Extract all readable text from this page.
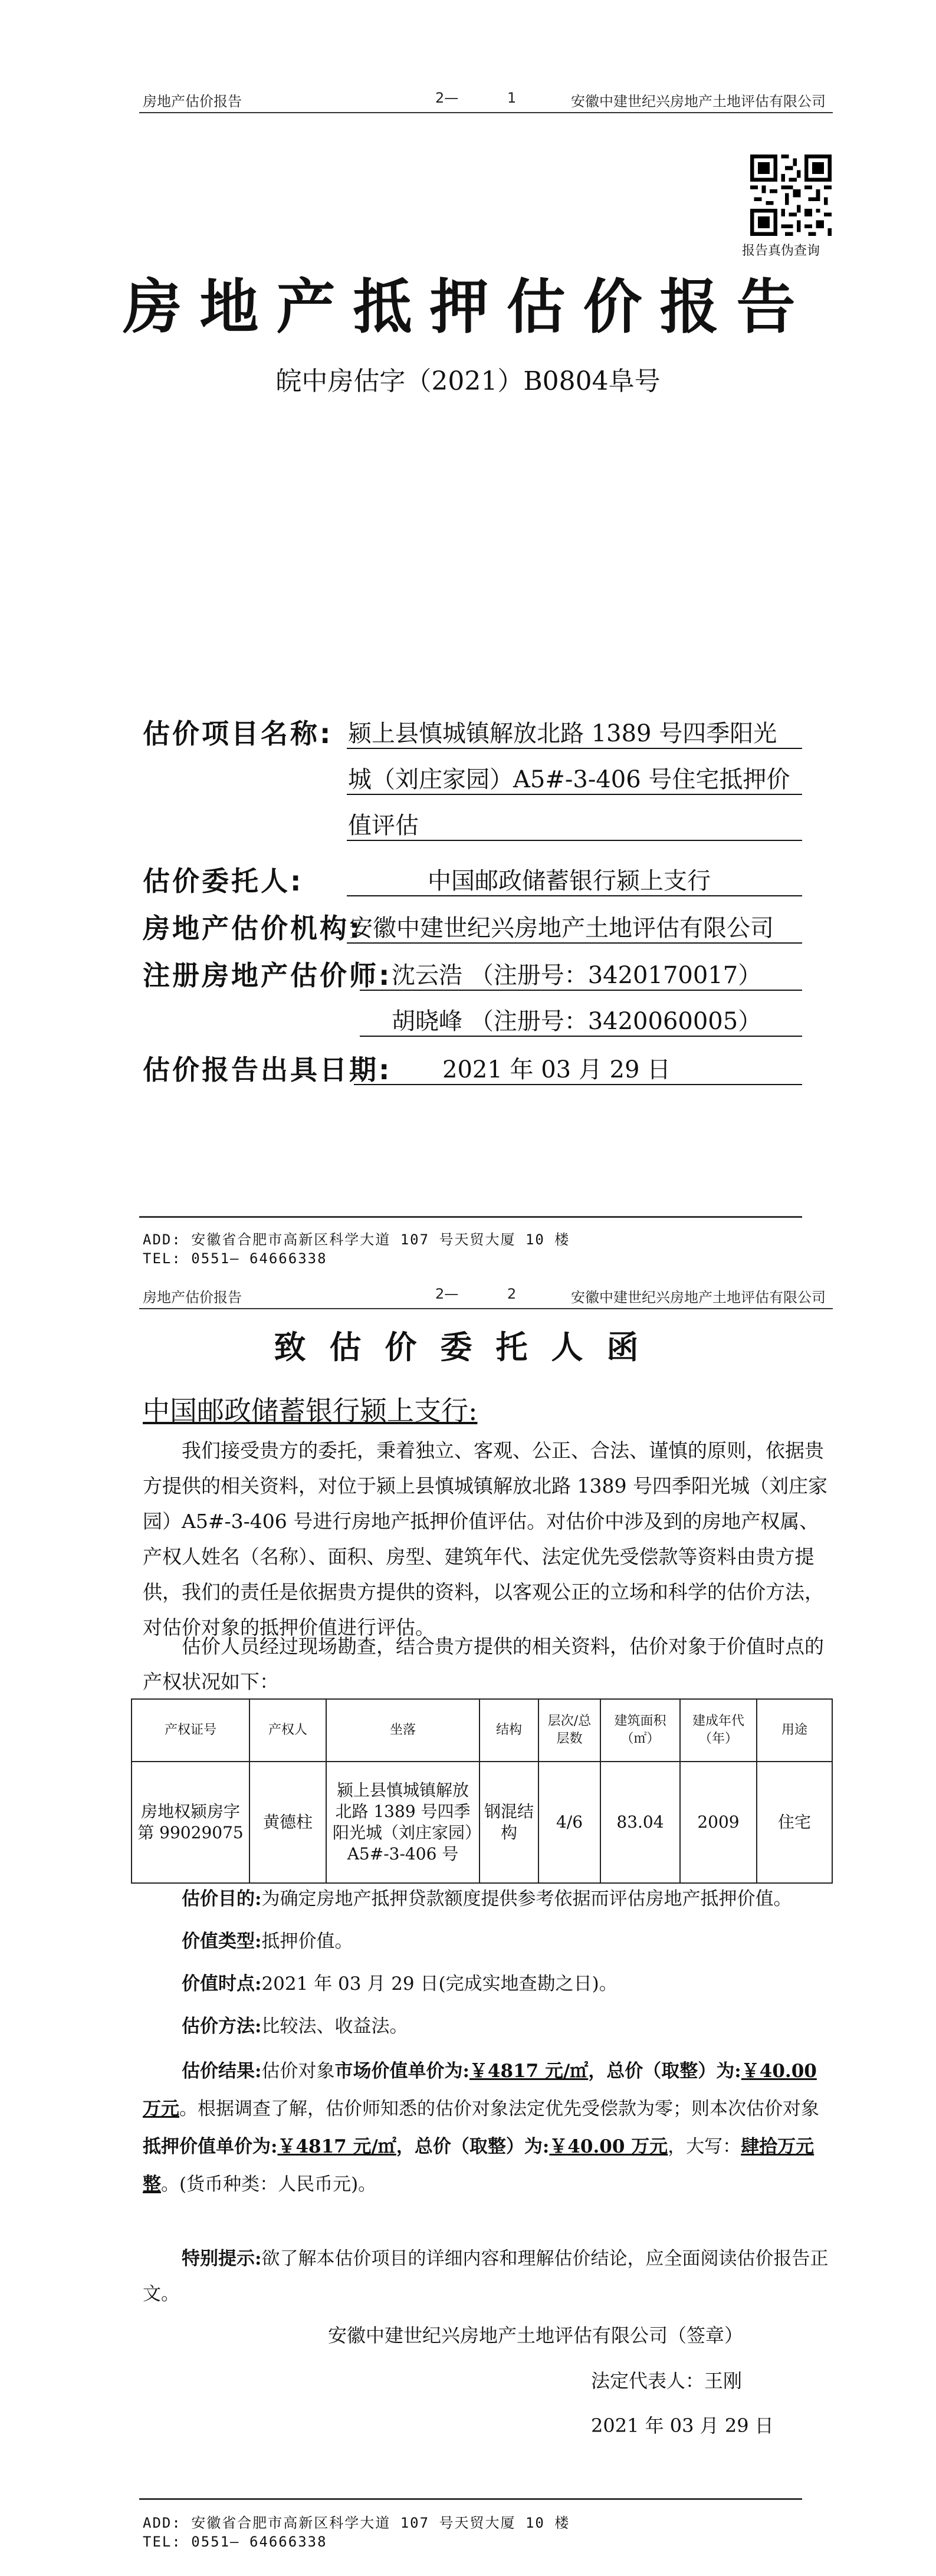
房地产估价报告	2—	1	安徽中建世纪兴房地产土地评估有限公司
报告真伪查询
房地产抵押估价报告
皖中房估字（2021）B0804阜号
估价项目名称: 颍上县慎城镇解放北路 1389 号四季阳光
城（刘庄家园）A5#-3-406 号住宅抵押价
值评估
估价委托人:	中国邮政储蓄银行颍上支行
房地产估价机构:
安徽中建世纪兴房地产土地评估有限公司
注册房地产估价师: 沈云浩 （注册号：3420170017）
胡晓峰 （注册号：3420060005）
估价报告出具日期: 2021 年 03 月 29 日
ADD: 安徽省合肥市高新区科学大道 107 号天贸大厦 10 楼
TEL: 0551— 64666338
房地产估价报告	2—	2	安徽中建世纪兴房地产土地评估有限公司
致估价委托人函
中国邮政储蓄银行颍上支行:

我们接受贵方的委托，秉着独立、客观、公正、合法、谨慎的原则，依据贵方提供的相关资料，对位于颍上县慎城镇解放北路 1389 号四季阳光城（刘庄家园）A5#-3-406 号进行房地产抵押价值评估。对估价中涉及到的房地产权属、产权人姓名（名称）、面积、房型、建筑年代、法定优先受偿款等资料由贵方提供，我们的责任是依据贵方提供的资料，以客观公正的立场和科学的估价方法，对估价对象的抵押价值进行评估。

估价人员经过现场勘查，结合贵方提供的相关资料，估价对象于价值时点的产权状况如下：

产权证号	产权人	坐落	结构	层次/总层数	建筑面积（㎡）	建成年代（年）	用途
房地权颍房字第 99029075	黄德柱	颍上县慎城镇解放北路 1389 号四季阳光城（刘庄家园）A5#-3-406 号	钢混结构	4/6	83.04	2009	住宅

估价目的:为确定房地产抵押贷款额度提供参考依据而评估房地产抵押价值。

价值类型:抵押价值。

价值时点:2021 年 03 月 29 日(完成实地查勘之日)。

估价方法:比较法、收益法。

估价结果:估价对象市场价值单价为:￥4817 元/㎡，总价（取整）为:￥40.00 万元。根据调查了解，估价师知悉的估价对象法定优先受偿款为零；则本次估价对象抵押价值单价为:￥4817 元/㎡，总价（取整）为:￥40.00 万元，大写：肆拾万元整。(货币种类：人民币元)。

特别提示:欲了解本估价项目的详细内容和理解估价结论，应全面阅读估价报告正文。

安徽中建世纪兴房地产土地评估有限公司（签章）
法定代表人：王刚
2021 年 03 月 29 日
ADD: 安徽省合肥市高新区科学大道 107 号天贸大厦 10 楼
TEL: 0551— 64666338
